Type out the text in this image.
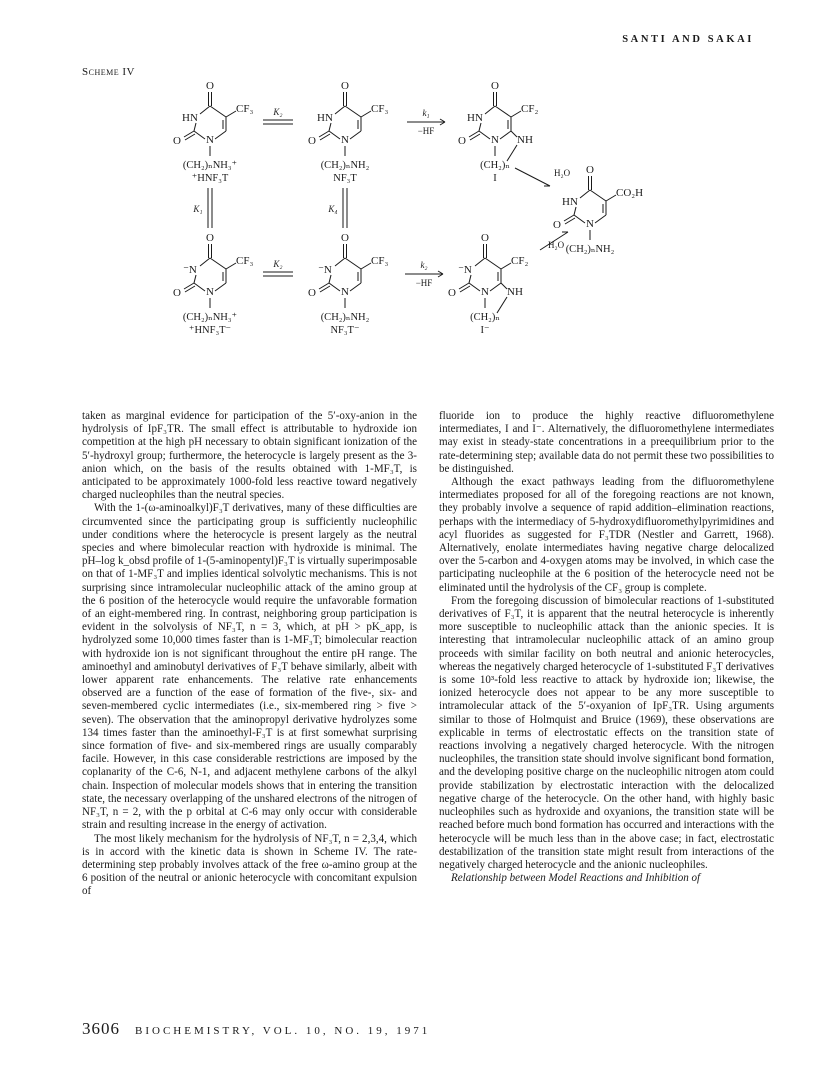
SANTI AND SAKAI
Scheme IV
O
O
HN
N
CF₃
(CH₂)ₙNH₃⁺
⁺HNF₃T
O
O
HN
N
CF₃
(CH₂)ₙNH₂
NF₃T
O
O
HN
N
CF₂
NH
(CH₂)ₙ
I
O
O
⁻N
N
CF₃
(CH₂)ₙNH₃⁺
⁺HNF₃T⁻
O
O
⁻N
N
CF₃
(CH₂)ₙNH₂
NF₃T⁻
O
O
⁻N
N
CF₂
NH
(CH₂)ₙ
I⁻
O
O
HN
N
CO₂H
(CH₂)ₙNH₂
K₂	k₁
−HF
K₂	k₂
−HF
K₁	K₄
H₂O
H₂O

taken as marginal evidence for participation of the 5′-oxy-anion in the hydrolysis of IpF₃TR. The small effect is attributable to hydroxide ion competition at the high pH necessary to obtain significant ionization of the 5′-hydroxyl group; furthermore, the heterocycle is largely present as the 3-anion which, on the basis of the results obtained with 1-MF₃T, is anticipated to be approximately 1000-fold less reactive toward negatively charged nucleophiles than the neutral species.

With the 1-(ω-aminoalkyl)F₃T derivatives, many of these difficulties are circumvented since the participating group is sufficiently nucleophilic under conditions where the heterocycle is present largely as the neutral species and where bimolecular reaction with hydroxide is minimal. The pH–log k_obsd profile of 1-(5-aminopentyl)F₃T is virtually superimposable on that of 1-MF₃T and implies identical solvolytic mechanisms. This is not surprising since intramolecular nucleophilic attack of the amino group at the 6 position of the heterocycle would require the unfavorable formation of an eight-membered ring. In contrast, neighboring group participation is evident in the solvolysis of NF₃T, n = 3, which, at pH > pK_app, is hydrolyzed some 10,000 times faster than is 1-MF₃T; bimolecular reaction with hydroxide ion is not significant throughout the entire pH range. The aminoethyl and aminobutyl derivatives of F₃T behave similarly, albeit with lower apparent rate enhancements. The relative rate enhancements observed are a function of the ease of formation of the five-, six- and seven-membered cyclic intermediates (i.e., six-membered ring > five > seven). The observation that the aminopropyl derivative hydrolyzes some 134 times faster than the aminoethyl-F₃T is at first somewhat surprising since formation of five- and six-membered rings are usually comparably facile. However, in this case considerable restrictions are imposed by the coplanarity of the C-6, N-1, and adjacent methylene carbons of the alkyl chain. Inspection of molecular models shows that in entering the transition state, the necessary overlapping of the unshared electrons of the nitrogen of NF₃T, n = 2, with the p orbital at C-6 may only occur with considerable strain and resulting increase in the energy of activation.

The most likely mechanism for the hydrolysis of NF₃T, n = 2,3,4, which is in accord with the kinetic data is shown in Scheme IV. The rate-determining step probably involves attack of the free ω-amino group at the 6 position of the neutral or anionic heterocycle with concomitant expulsion of

fluoride ion to produce the highly reactive difluoromethylene intermediates, I and I⁻. Alternatively, the difluoromethylene intermediates may exist in steady-state concentrations in a preequilibrium prior to the rate-determining step; available data do not permit these two possibilities to be distinguished.

Although the exact pathways leading from the difluoromethylene intermediates proposed for all of the foregoing reactions are not known, they probably involve a sequence of rapid addition–elimination reactions, perhaps with the intermediacy of 5-hydroxydifluoromethylpyrimidines and acyl fluorides as suggested for F₃TDR (Nestler and Garrett, 1968). Alternatively, enolate intermediates having negative charge delocalized over the 5-carbon and 4-oxygen atoms may be involved, in which case the participating nucleophile at the 6 position of the heterocycle need not be eliminated until the hydrolysis of the CF₃ group is complete.

From the foregoing discussion of bimolecular reactions of 1-substituted derivatives of F₃T, it is apparent that the neutral heterocycle is inherently more susceptible to nucleophilic attack than the anionic species. It is interesting that intramolecular nucleophilic attack of an amino group proceeds with similar facility on both neutral and anionic heterocycles, whereas the negatively charged heterocycle of 1-substituted F₃T derivatives is some 10³-fold less reactive to attack by hydroxide ion; likewise, the ionized heterocycle does not appear to be any more susceptible to intramolecular attack of the 5′-oxyanion of IpF₃TR. Using arguments similar to those of Holmquist and Bruice (1969), these observations are explicable in terms of electrostatic effects on the transition state of reactions involving a negatively charged heterocycle. With the nitrogen nucleophiles, the transition state should involve significant bond formation, and the developing positive charge on the nucleophilic nitrogen atom could provide stabilization by electrostatic interaction with the delocalized negative charge of the heterocycle. On the other hand, with highly basic nucleophiles such as hydroxide and oxyanions, the transition state will be reached before much bond formation has occurred and interactions with the heterocycle will be much less than in the above case; in fact, electrostatic destabilization of the transition state might result from interactions of the negatively charged heterocycle and the anionic nucleophiles.

Relationship between Model Reactions and Inhibition of

3606 BIOCHEMISTRY, VOL. 10, NO. 19, 1971
